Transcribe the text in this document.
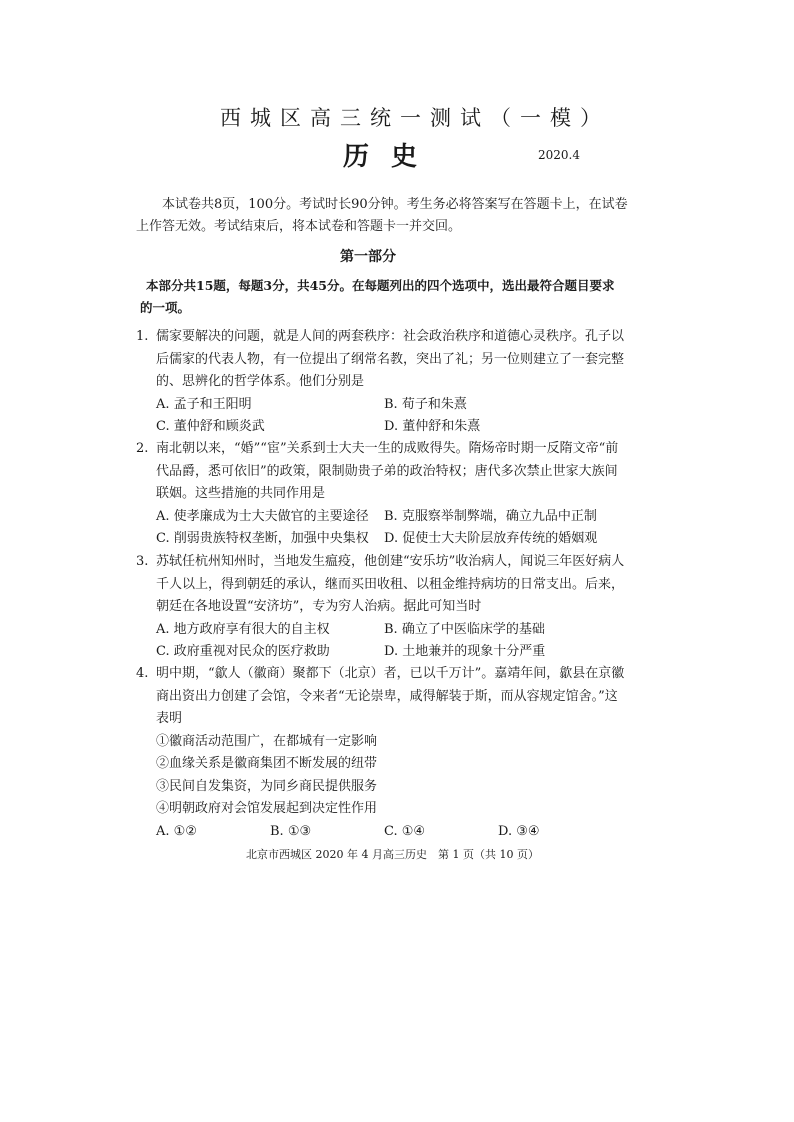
西城区高三统一测试（一模）
历史	2020.4
本试卷共8页，100分。考试时长90分钟。考生务必将答案写在答题卡上，在试卷上作答无效。考试结束后，将本试卷和答题卡一并交回。
第一部分
本部分共15题，每题3分，共45分。在每题列出的四个选项中，选出最符合题目要求的一项。
1. 儒家要解决的问题，就是人间的两套秩序：社会政治秩序和道德心灵秩序。孔子以后儒家的代表人物，有一位提出了纲常名教，突出了礼；另一位则建立了一套完整的、思辨化的哲学体系。他们分别是
A. 孟子和王阳明	B. 荀子和朱熹
C. 董仲舒和顾炎武	D. 董仲舒和朱熹
2. 南北朝以来，“婚”“宦”关系到士大夫一生的成败得失。隋炀帝时期一反隋文帝“前代品爵，悉可依旧”的政策，限制勋贵子弟的政治特权；唐代多次禁止世家大族间联姻。这些措施的共同作用是
A. 使孝廉成为士大夫做官的主要途径	B. 克服察举制弊端，确立九品中正制
C. 削弱贵族特权垄断，加强中央集权	D. 促使士大夫阶层放弃传统的婚姻观
3. 苏轼任杭州知州时，当地发生瘟疫，他创建“安乐坊”收治病人，闻说三年医好病人千人以上，得到朝廷的承认，继而买田收租、以租金维持病坊的日常支出。后来，朝廷在各地设置“安济坊”，专为穷人治病。据此可知当时
A. 地方政府享有很大的自主权	B. 确立了中医临床学的基础
C. 政府重视对民众的医疗救助	D. 土地兼并的现象十分严重
4. 明中期，“歙人（徽商）聚都下（北京）者，已以千万计”。嘉靖年间，歙县在京徽商出资出力创建了会馆，令来者“无论崇卑，咸得解装于斯，而从容规定馆舍。”这表明
①徽商活动范围广，在都城有一定影响
②血缘关系是徽商集团不断发展的纽带
③民间自发集资，为同乡商民提供服务
④明朝政府对会馆发展起到决定性作用
A. ①②	B. ①③	C. ①④	D. ③④
北京市西城区 2020 年 4 月高三历史　第 1 页（共 10 页）
